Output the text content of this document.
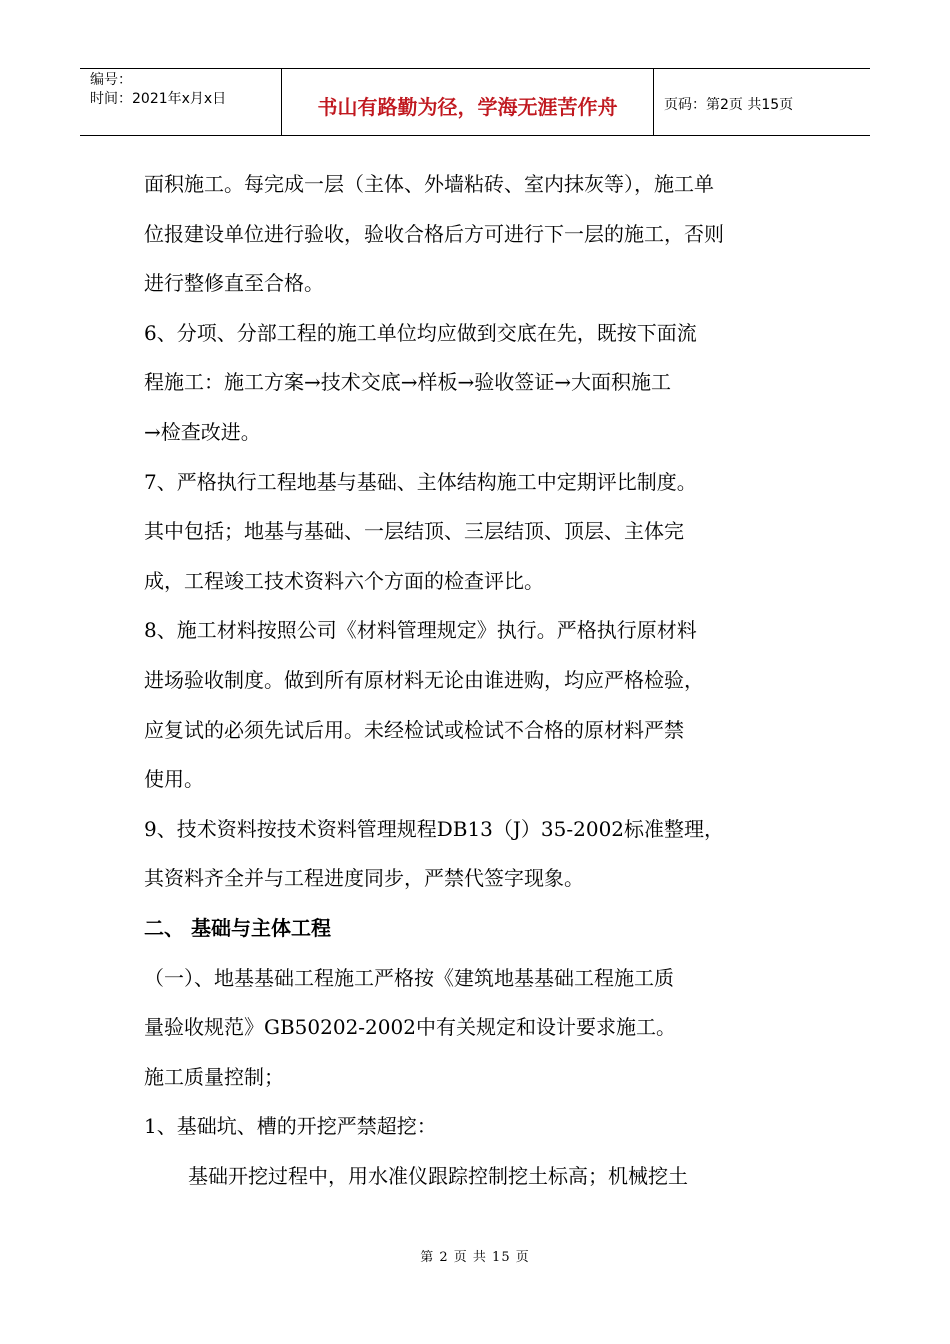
编号：
时间：2021年x月x日	书山有路勤为径，学海无涯苦作舟	页码：第2页 共15页
面积施工。每完成一层（主体、外墙粘砖、室内抹灰等），施工单
位报建设单位进行验收，验收合格后方可进行下一层的施工，否则
进行整修直至合格。
6、分项、分部工程的施工单位均应做到交底在先，既按下面流
程施工：施工方案→技术交底→样板→验收签证→大面积施工
→检查改进。
7、严格执行工程地基与基础、主体结构施工中定期评比制度。
其中包括；地基与基础、一层结顶、三层结顶、顶层、主体完
成，工程竣工技术资料六个方面的检查评比。
8、施工材料按照公司《材料管理规定》执行。严格执行原材料
进场验收制度。做到所有原材料无论由谁进购，均应严格检验，
应复试的必须先试后用。未经检试或检试不合格的原材料严禁
使用。
9、技术资料按技术资料管理规程DB13（J）35-2002标准整理，
其资料齐全并与工程进度同步，严禁代签字现象。
二、 基础与主体工程
（一）、地基基础工程施工严格按《建筑地基基础工程施工质
量验收规范》GB50202-2002中有关规定和设计要求施工。
施工质量控制；
1、基础坑、槽的开挖严禁超挖：
基础开挖过程中，用水准仪跟踪控制挖土标高；机械挖土
第 2 页 共 15 页
